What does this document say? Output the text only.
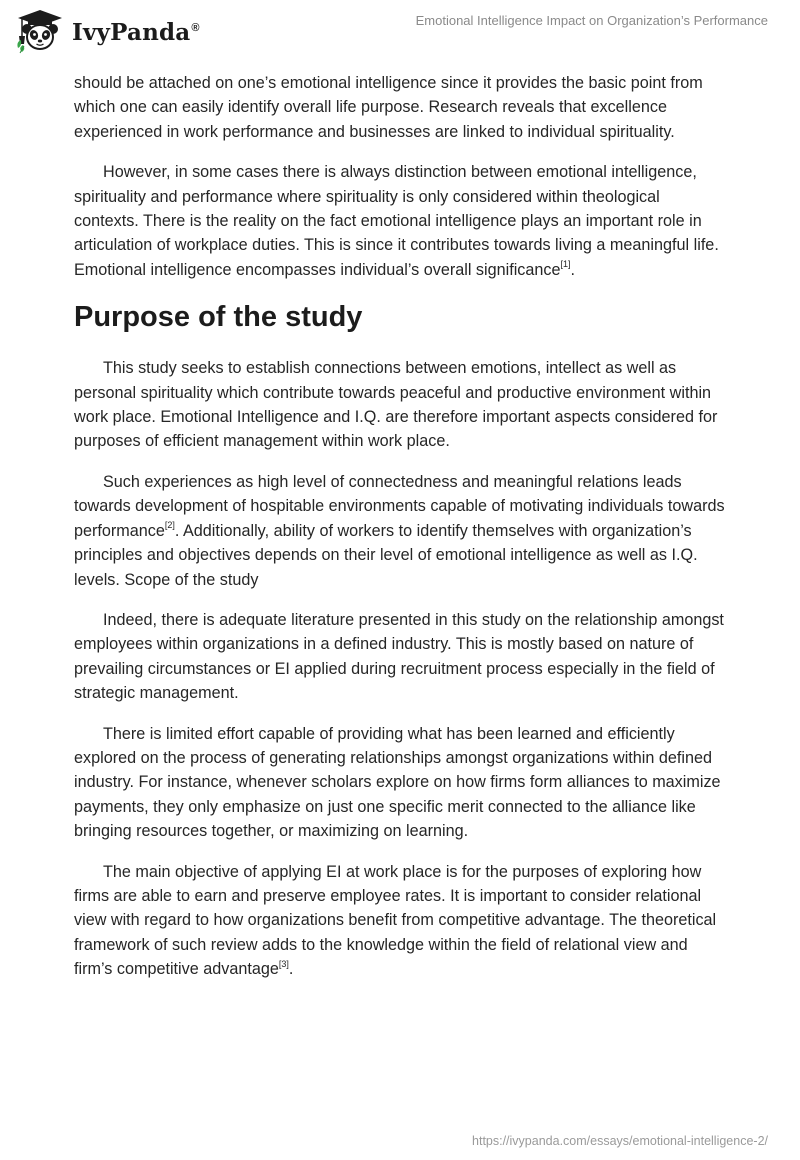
IvyPanda®	Emotional Intelligence Impact on Organization’s Performance

should be attached on one’s emotional intelligence since it provides the basic point from which one can easily identify overall life purpose. Research reveals that excellence experienced in work performance and businesses are linked to individual spirituality.

However, in some cases there is always distinction between emotional intelligence, spirituality and performance where spirituality is only considered within theological contexts. There is the reality on the fact emotional intelligence plays an important role in articulation of workplace duties. This is since it contributes towards living a meaningful life. Emotional intelligence encompasses individual’s overall significance[1].

Purpose of the study

This study seeks to establish connections between emotions, intellect as well as personal spirituality which contribute towards peaceful and productive environment within work place. Emotional Intelligence and I.Q. are therefore important aspects considered for purposes of efficient management within work place.

Such experiences as high level of connectedness and meaningful relations leads towards development of hospitable environments capable of motivating individuals towards performance[2]. Additionally, ability of workers to identify themselves with organization’s principles and objectives depends on their level of emotional intelligence as well as I.Q. levels. Scope of the study

Indeed, there is adequate literature presented in this study on the relationship amongst employees within organizations in a defined industry. This is mostly based on nature of prevailing circumstances or EI applied during recruitment process especially in the field of strategic management.

There is limited effort capable of providing what has been learned and efficiently explored on the process of generating relationships amongst organizations within defined industry. For instance, whenever scholars explore on how firms form alliances to maximize payments, they only emphasize on just one specific merit connected to the alliance like bringing resources together, or maximizing on learning.

The main objective of applying EI at work place is for the purposes of exploring how firms are able to earn and preserve employee rates. It is important to consider relational view with regard to how organizations benefit from competitive advantage. The theoretical framework of such review adds to the knowledge within the field of relational view and firm’s competitive advantage[3].

https://ivypanda.com/essays/emotional-intelligence-2/
